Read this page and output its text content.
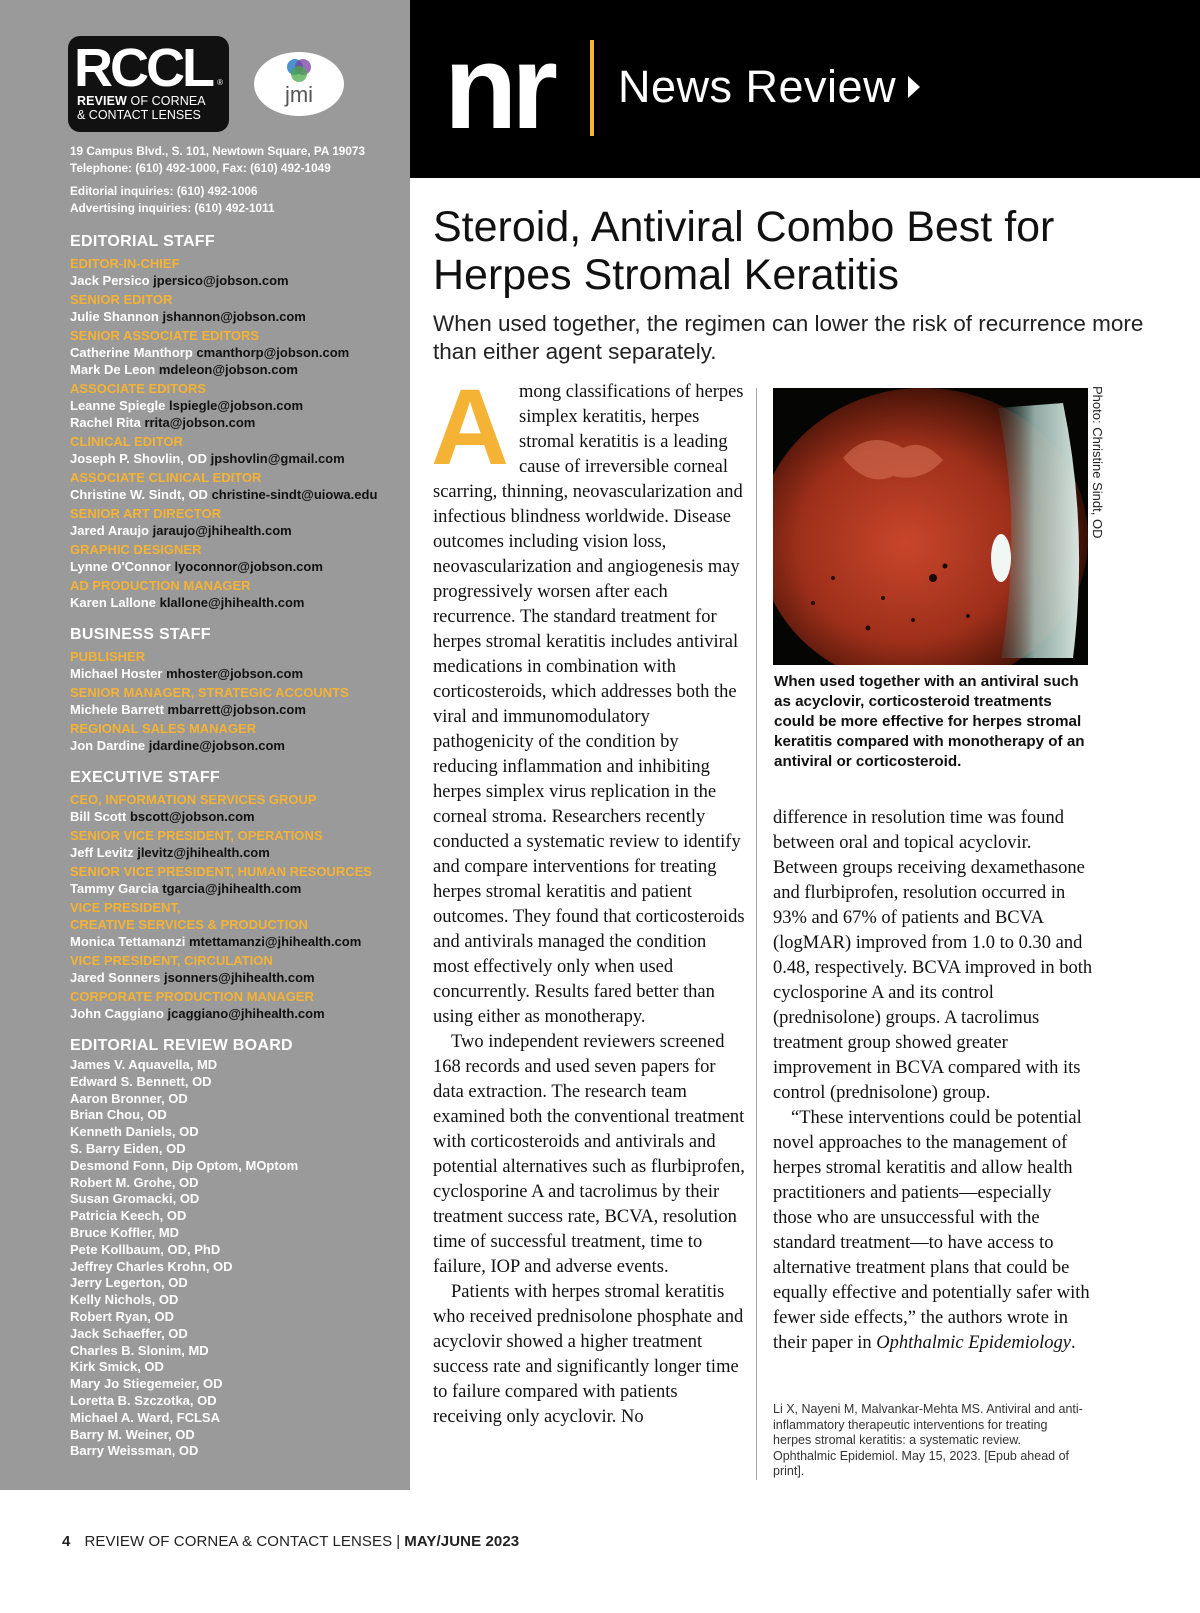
RCCL ®
REVIEW OF CORNEA
& CONTACT LENSES
jmi
19 Campus Blvd., S. 101, Newtown Square, PA 19073
Telephone: (610) 492-1000, Fax: (610) 492-1049
Editorial inquiries: (610) 492-1006
Advertising inquiries: (610) 492-1011
EDITORIAL STAFF
EDITOR-IN-CHIEF
Jack Persico jpersico@jobson.com
SENIOR EDITOR
Julie Shannon jshannon@jobson.com
SENIOR ASSOCIATE EDITORS
Catherine Manthorp cmanthorp@jobson.com
Mark De Leon mdeleon@jobson.com
ASSOCIATE EDITORS
Leanne Spiegle lspiegle@jobson.com
Rachel Rita rrita@jobson.com
CLINICAL EDITOR
Joseph P. Shovlin, OD jpshovlin@gmail.com
ASSOCIATE CLINICAL EDITOR
Christine W. Sindt, OD christine-sindt@uiowa.edu
SENIOR ART DIRECTOR
Jared Araujo jaraujo@jhihealth.com
GRAPHIC DESIGNER
Lynne O'Connor lyoconnor@jobson.com
AD PRODUCTION MANAGER
Karen Lallone klallone@jhihealth.com
BUSINESS STAFF
PUBLISHER
Michael Hoster mhoster@jobson.com
SENIOR MANAGER, STRATEGIC ACCOUNTS
Michele Barrett mbarrett@jobson.com
REGIONAL SALES MANAGER
Jon Dardine jdardine@jobson.com
EXECUTIVE STAFF
CEO, INFORMATION SERVICES GROUP
Bill Scott bscott@jobson.com
SENIOR VICE PRESIDENT, OPERATIONS
Jeff Levitz jlevitz@jhihealth.com
SENIOR VICE PRESIDENT, HUMAN RESOURCES
Tammy Garcia tgarcia@jhihealth.com
VICE PRESIDENT,
CREATIVE SERVICES & PRODUCTION
Monica Tettamanzi mtettamanzi@jhihealth.com
VICE PRESIDENT, CIRCULATION
Jared Sonners jsonners@jhihealth.com
CORPORATE PRODUCTION MANAGER
John Caggiano jcaggiano@jhihealth.com
EDITORIAL REVIEW BOARD
James V. Aquavella, MD
Edward S. Bennett, OD
Aaron Bronner, OD
Brian Chou, OD
Kenneth Daniels, OD
S. Barry Eiden, OD
Desmond Fonn, Dip Optom, MOptom
Robert M. Grohe, OD
Susan Gromacki, OD
Patricia Keech, OD
Bruce Koffler, MD
Pete Kollbaum, OD, PhD
Jeffrey Charles Krohn, OD
Jerry Legerton, OD
Kelly Nichols, OD
Robert Ryan, OD
Jack Schaeffer, OD
Charles B. Slonim, MD
Kirk Smick, OD
Mary Jo Stiegemeier, OD
Loretta B. Szczotka, OD
Michael A. Ward, FCLSA
Barry M. Weiner, OD
Barry Weissman, OD
nr News Review
Steroid, Antiviral Combo Best for Herpes Stromal Keratitis
When used together, the regimen can lower the risk of recurrence more than either agent separately.

Among classifications of herpes simplex keratitis, herpes stromal keratitis is a leading cause of irreversible corneal scarring, thinning, neovascularization and infectious blindness worldwide. Disease outcomes including vision loss, neovascularization and angiogenesis may progressively worsen after each recurrence. The standard treatment for herpes stromal keratitis includes antiviral medications in combination with corticosteroids, which addresses both the viral and immunomodulatory pathogenicity of the condition by reducing inflammation and inhibiting herpes simplex virus replication in the corneal stroma. Researchers recently conducted a systematic review to identify and compare interventions for treating herpes stromal keratitis and patient outcomes. They found that corticosteroids and antivirals managed the condition most effectively only when used concurrently. Results fared better than using either as monotherapy.

Two independent reviewers screened 168 records and used seven papers for data extraction. The research team examined both the conventional treatment with corticosteroids and antivirals and potential alternatives such as flurbiprofen, cyclosporine A and tacrolimus by their treatment success rate, BCVA, resolution time of successful treatment, time to failure, IOP and adverse events.

Patients with herpes stromal keratitis who received prednisolone phosphate and acyclovir showed a higher treatment success rate and significantly longer time to failure compared with patients receiving only acyclovir. No

Photo: Christine Sindt, OD
When used together with an antiviral such as acyclovir, corticosteroid treatments could be more effective for herpes stromal keratitis compared with monotherapy of an antiviral or corticosteroid.

difference in resolution time was found between oral and topical acyclovir. Between groups receiving dexamethasone and flurbiprofen, resolution occurred in 93% and 67% of patients and BCVA (logMAR) improved from 1.0 to 0.30 and 0.48, respectively. BCVA improved in both cyclosporine A and its control (prednisolone) groups. A tacrolimus treatment group showed greater improvement in BCVA compared with its control (prednisolone) group.

“These interventions could be potential novel approaches to the management of herpes stromal keratitis and allow health practitioners and patients—especially those who are unsuccessful with the standard treatment—to have access to alternative treatment plans that could be equally effective and potentially safer with fewer side effects,” the authors wrote in their paper in Ophthalmic Epidemiology.

Li X, Nayeni M, Malvankar-Mehta MS. Antiviral and anti-inflammatory therapeutic interventions for treating herpes stromal keratitis: a systematic review. Ophthalmic Epidemiol. May 15, 2023. [Epub ahead of print].
4 REVIEW OF CORNEA & CONTACT LENSES | MAY/JUNE 2023
